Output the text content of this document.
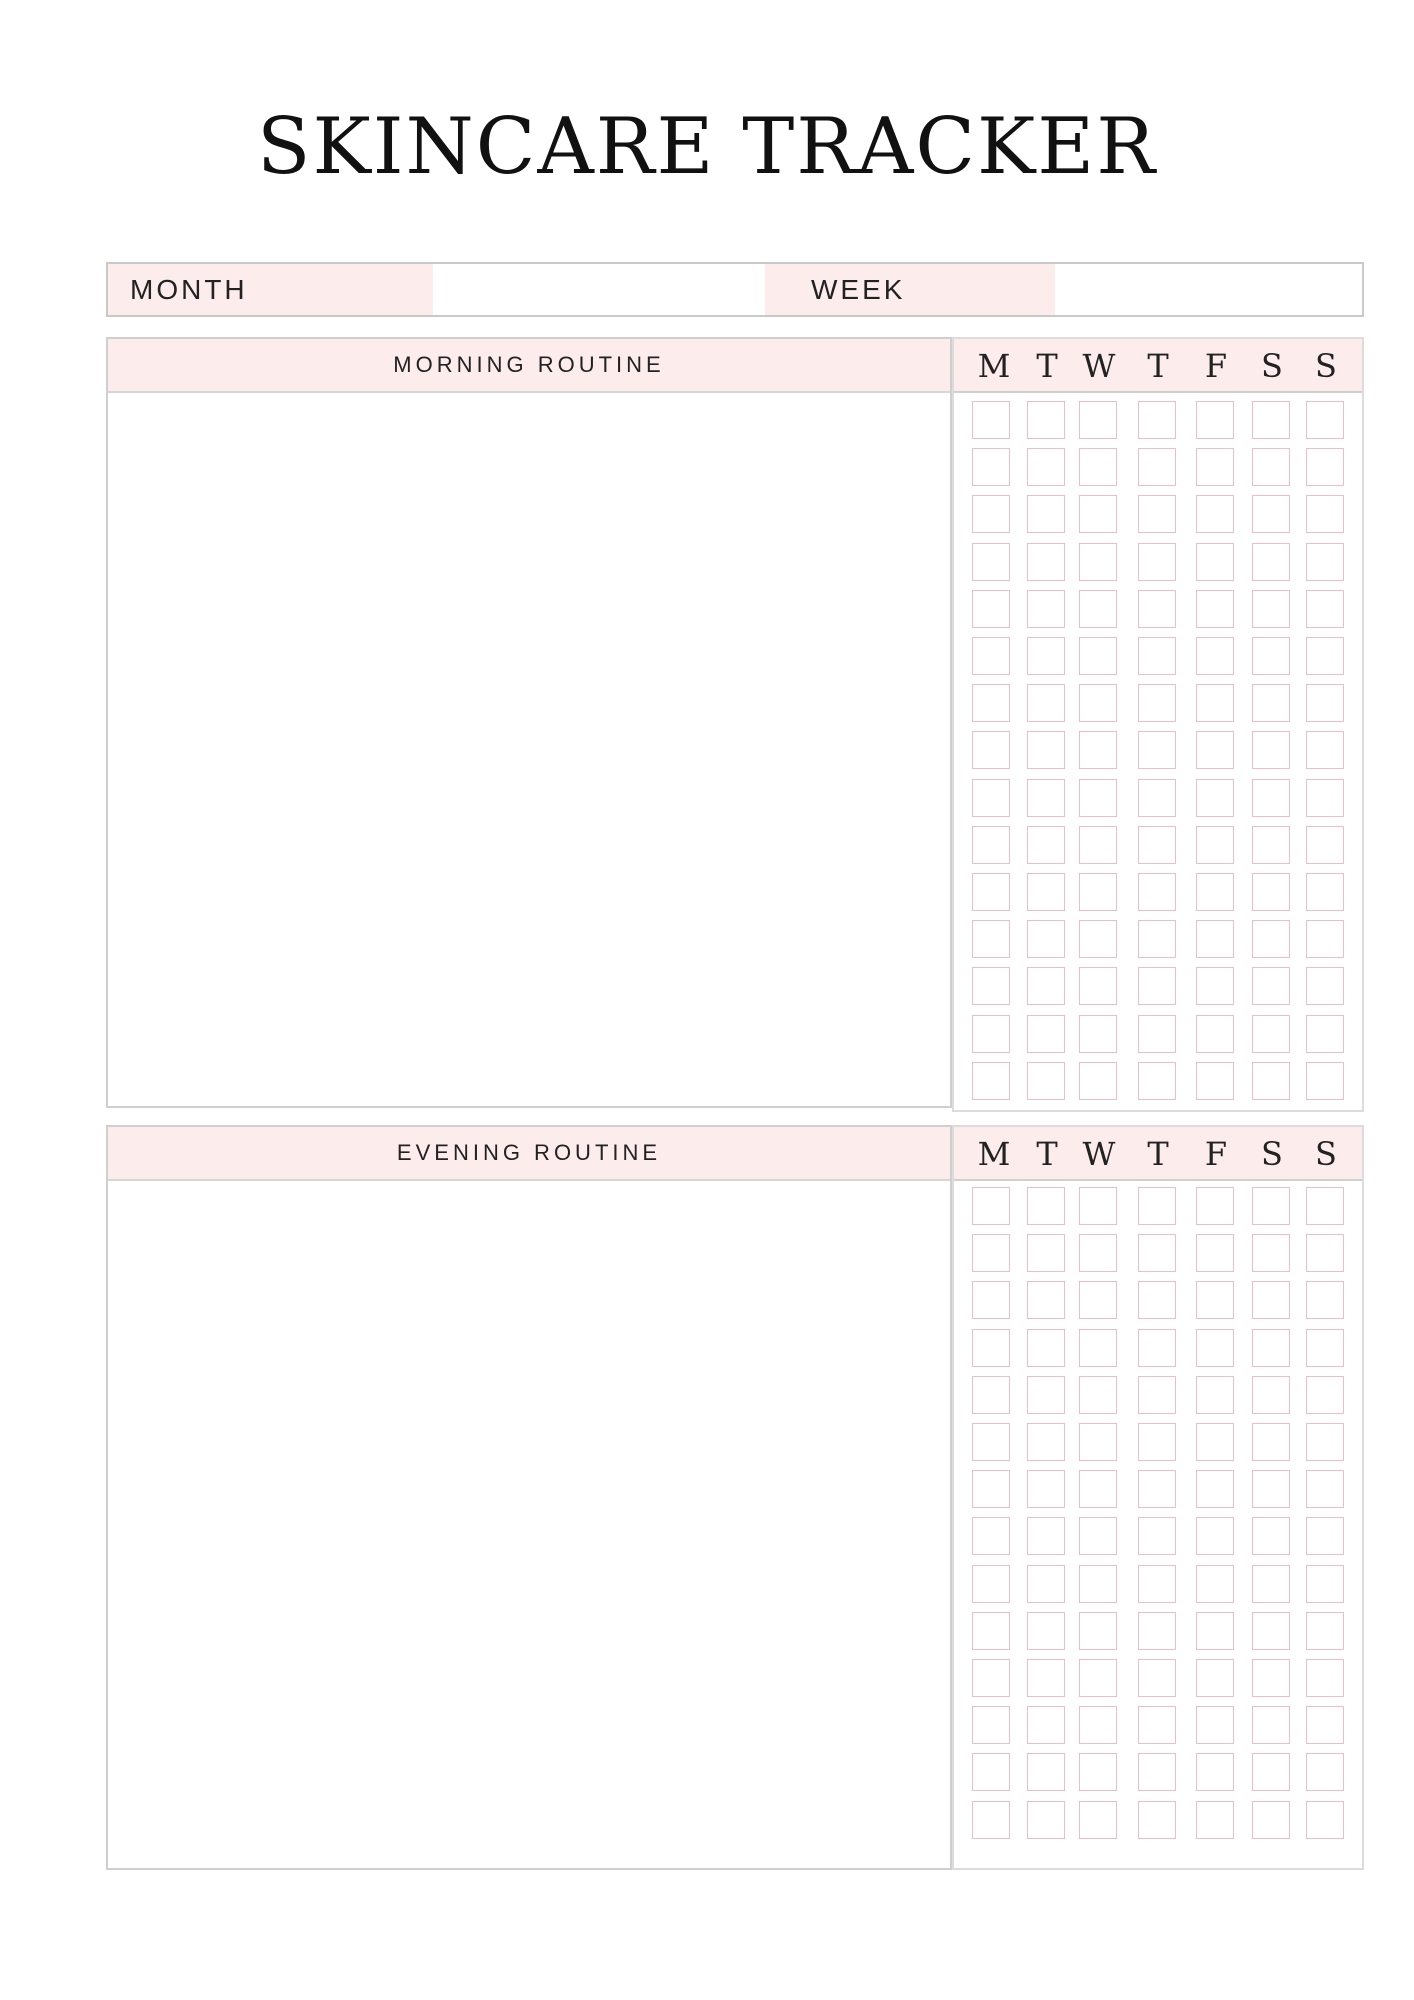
SKINCARE TRACKER
MONTH	WEEK
MORNING ROUTINE	M T W T F S S
EVENING ROUTINE	M T W T F S S
